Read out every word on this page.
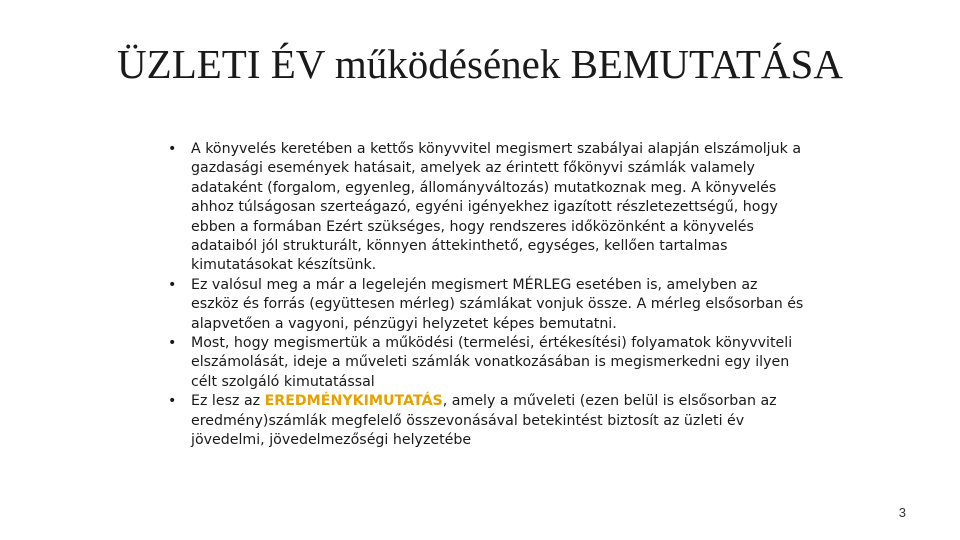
ÜZLETI ÉV működésének BEMUTATÁSA
• A könyvelés keretében a kettős könyvvitel megismert szabályai alapján elszámoljuk a gazdasági események hatásait, amelyek az érintett főkönyvi számlák valamely adataként (forgalom, egyenleg, állományváltozás) mutatkoznak meg. A könyvelés ahhoz túlságosan szerteágazó, egyéni igényekhez igazított részletezettségű, hogy ebben a formában Ezért szükséges, hogy rendszeres időközönként a könyvelés adataiból jól strukturált, könnyen áttekinthető, egységes, kellően tartalmas kimutatásokat készítsünk.
• Ez valósul meg a már a legelején megismert MÉRLEG esetében is, amelyben az eszköz és forrás (együttesen mérleg) számlákat vonjuk össze. A mérleg elsősorban és alapvetően a vagyoni, pénzügyi helyzetet képes bemutatni.
• Most, hogy megismertük a működési (termelési, értékesítési) folyamatok könyvviteli elszámolását, ideje a műveleti számlák vonatkozásában is megismerkedni egy ilyen célt szolgáló kimutatással
• Ez lesz az EREDMÉNYKIMUTATÁS, amely a műveleti (ezen belül is elsősorban az eredmény)számlák megfelelő összevonásával betekintést biztosít az üzleti év jövedelmi, jövedelmezőségi helyzetébe
3
